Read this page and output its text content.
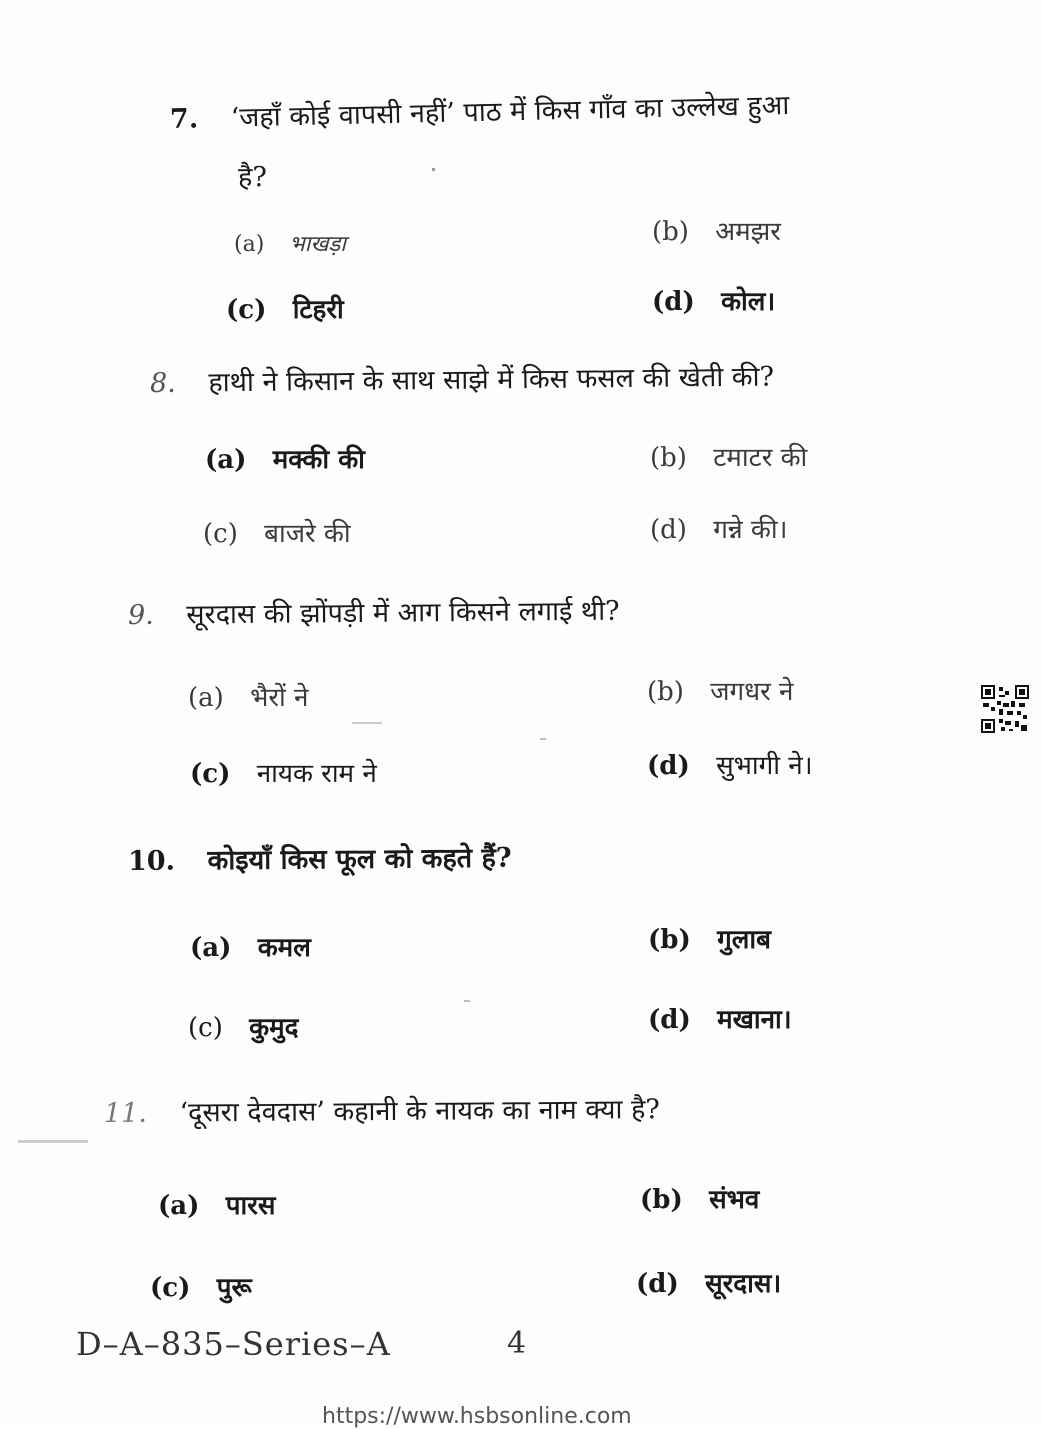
7. ‘जहाँ कोई वापसी नहीं’ पाठ में किस गाँव का उल्लेख हुआ
है?
(a) भाखड़ा	(b) अमझर
(c) टिहरी	(d) कोल।
8. हाथी ने किसान के साथ साझे में किस फसल की खेती की?
(a) मक्की की	(b) टमाटर की
(c) बाजरे की	(d) गन्ने की।
9. सूरदास की झोंपड़ी में आग किसने लगाई थी?
(a) भैरों ने	(b) जगधर ने
(c) नायक राम ने	(d) सुभागी ने।
10. कोइयाँ किस फूल को कहते हैं?
(a) कमल	(b) गुलाब
(c) कुमुद	(d) मखाना।
11. ‘दूसरा देवदास’ कहानी के नायक का नाम क्या है?
(a) पारस	(b) संभव
(c) पुरू	(d) सूरदास।
D–A–835–Series–A	4
https://www.hsbsonline.com
